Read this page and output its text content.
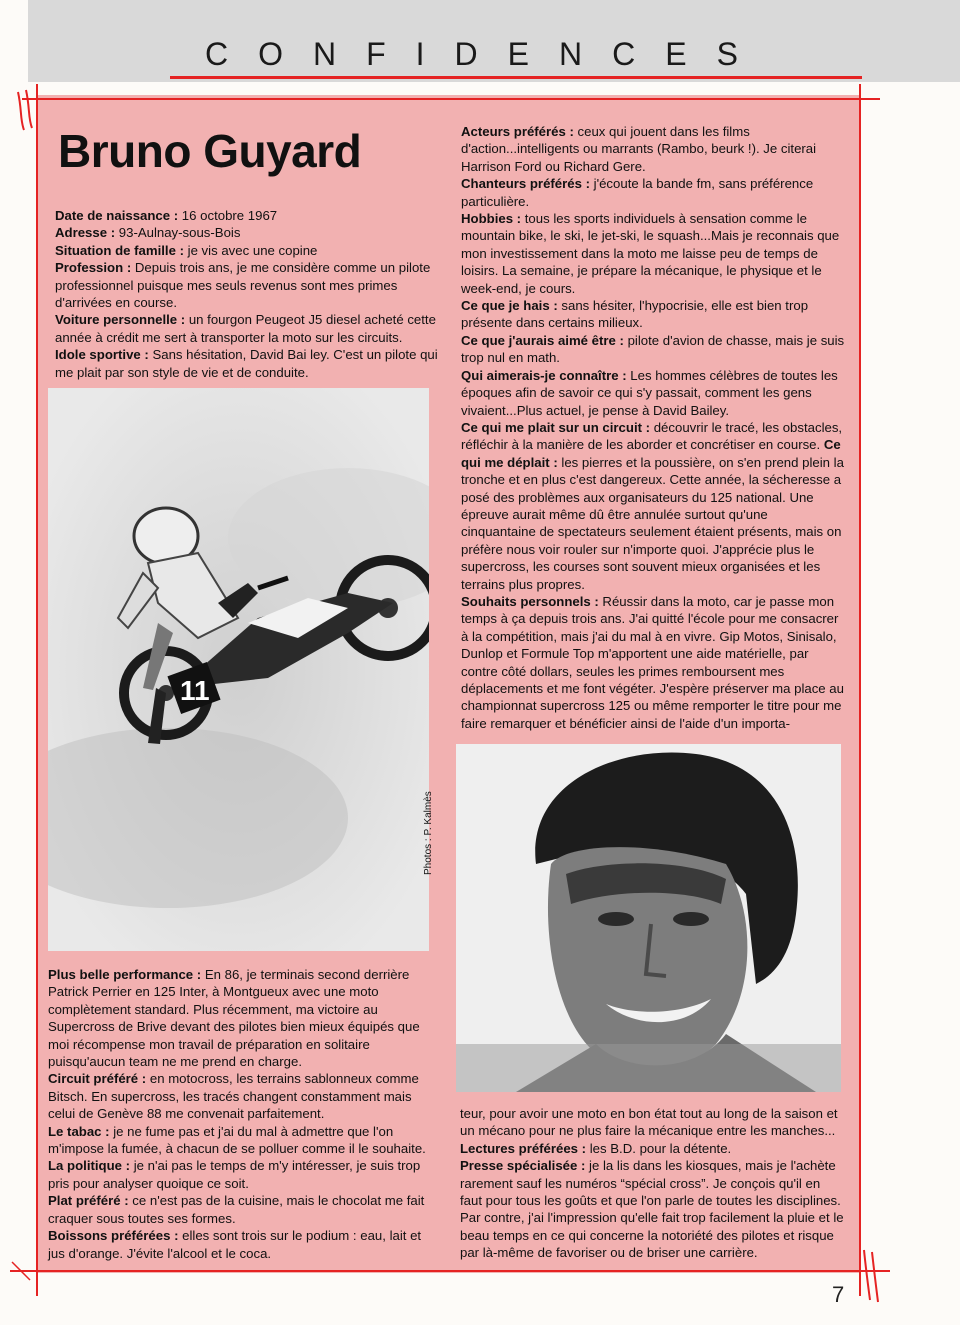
CONFIDENCES
Bruno Guyard

Date de naissance : 16 octobre 1967

Adresse : 93-Aulnay-sous-Bois

Situation de famille : je vis avec une copine

Profession : Depuis trois ans, je me considère comme un pilote professionnel puisque mes seuls revenus sont mes primes d'arrivées en course.

Voiture personnelle : un fourgon Peugeot J5 diesel acheté cette année à crédit me sert à transporter la moto sur les circuits.

Idole sportive : Sans hésitation, David Bai ley. C'est un pilote qui me plait par son style de vie et de conduite.

11
Photos : P. Kalmès

Plus belle performance : En 86, je terminais second derrière Patrick Perrier en 125 Inter, à Montgueux avec une moto complètement standard. Plus récemment, ma victoire au Supercross de Brive devant des pilotes bien mieux équipés que moi récompense mon travail de préparation en solitaire puisqu'aucun team ne me prend en charge.

Circuit préféré : en motocross, les terrains sablonneux comme Bitsch. En supercross, les tracés changent constamment mais celui de Genève 88 me convenait parfaitement.

Le tabac : je ne fume pas et j'ai du mal à admettre que l'on m'impose la fumée, à chacun de se polluer comme il le souhaite.

La politique : je n'ai pas le temps de m'y intéresser, je suis trop pris pour analyser quoique ce soit.

Plat préféré : ce n'est pas de la cuisine, mais le chocolat me fait craquer sous toutes ses formes.

Boissons préférées : elles sont trois sur le podium : eau, lait et jus d'orange. J'évite l'alcool et le coca.

Acteurs préférés : ceux qui jouent dans les films d'action...intelligents ou marrants (Rambo, beurk !). Je citerai Harrison Ford ou Richard Gere.

Chanteurs préférés : j'écoute la bande fm, sans préférence particulière.

Hobbies : tous les sports individuels à sensation comme le mountain bike, le ski, le jet-ski, le squash...Mais je reconnais que mon investissement dans la moto me laisse peu de temps de loisirs. La semaine, je prépare la mécanique, le physique et le week-end, je cours.

Ce que je hais : sans hésiter, l'hypocrisie, elle est bien trop présente dans certains milieux.

Ce que j'aurais aimé être : pilote d'avion de chasse, mais je suis trop nul en math.

Qui aimerais-je connaître : Les hommes célèbres de toutes les époques afin de savoir ce qui s'y passait, comment les gens vivaient...Plus actuel, je pense à David Bailey.

Ce qui me plait sur un circuit : découvrir le tracé, les obstacles, réfléchir à la manière de les aborder et concrétiser en course. Ce qui me déplait : les pierres et la poussière, on s'en prend plein la tronche et en plus c'est dangereux. Cette année, la sécheresse a posé des problèmes aux organisateurs du 125 national. Une épreuve aurait même dû être annulée surtout qu'une cinquantaine de spectateurs seulement étaient présents, mais on préfère nous voir rouler sur n'importe quoi. J'apprécie plus le supercross, les courses sont souvent mieux organisées et les terrains plus propres.

Souhaits personnels : Réussir dans la moto, car je passe mon temps à ça depuis trois ans. J'ai quitté l'école pour me consacrer à la compétition, mais j'ai du mal à en vivre. Gip Motos, Sinisalo, Dunlop et Formule Top m'apportent une aide matérielle, par contre côté dollars, seules les primes remboursent mes déplacements et me font végéter. J'espère préserver ma place au championnat supercross 125 ou même remporter le titre pour me faire remarquer et bénéficier ainsi de l'aide d'un importa-

teur, pour avoir une moto en bon état tout au long de la saison et un mécano pour ne plus faire la mécanique entre les manches...

Lectures préférées : les B.D. pour la détente.

Presse spécialisée : je la lis dans les kiosques, mais je l'achète rarement sauf les numéros “spécial cross”. Je conçois qu'il en faut pour tous les goûts et que l'on parle de toutes les disciplines. Par contre, j'ai l'impression qu'elle fait trop facilement la pluie et le beau temps en ce qui concerne la notoriété des pilotes et risque par là-même de favoriser ou de briser une carrière.

7
